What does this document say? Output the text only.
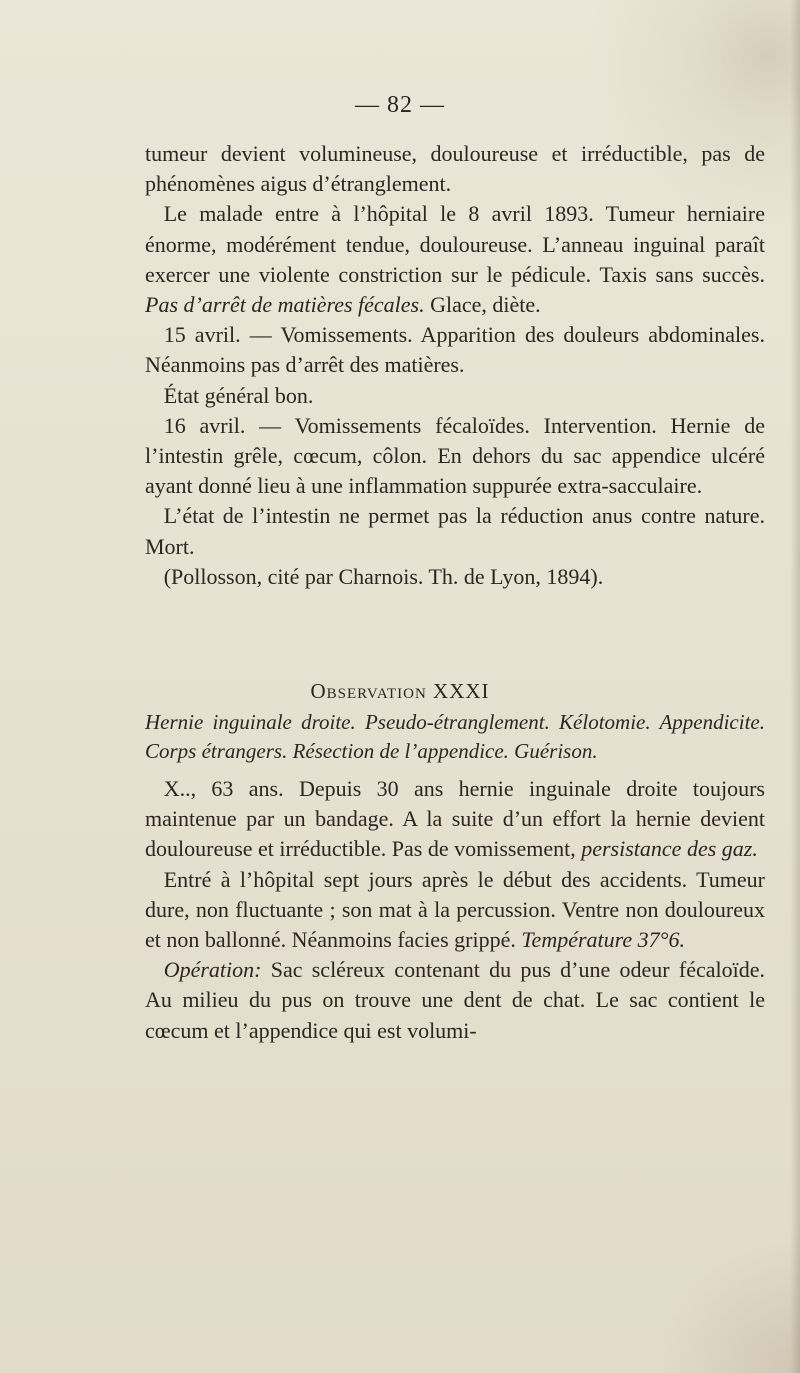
— 82 —

tumeur devient volumineuse, douloureuse et irréductible, pas de phénomènes aigus d’étranglement.

Le malade entre à l’hôpital le 8 avril 1893. Tumeur herniaire énorme, modérément tendue, douloureuse. L’anneau inguinal paraît exercer une violente constriction sur le pédicule. Taxis sans succès. Pas d’arrêt de matières fécales. Glace, diète.

15 avril. — Vomissements. Apparition des douleurs abdominales. Néanmoins pas d’arrêt des matières.

État général bon.

16 avril. — Vomissements fécaloïdes. Intervention. Hernie de l’intestin grêle, cœcum, côlon. En dehors du sac appendice ulcéré ayant donné lieu à une inflammation suppurée extra-sacculaire.

L’état de l’intestin ne permet pas la réduction anus contre nature. Mort.

(Pollosson, cité par Charnois. Th. de Lyon, 1894).

Observation XXXI
Hernie inguinale droite. Pseudo-étranglement. Kélotomie. Appendicite. Corps étrangers. Résection de l’appendice. Guérison.

X.., 63 ans. Depuis 30 ans hernie inguinale droite toujours maintenue par un bandage. A la suite d’un effort la hernie devient douloureuse et irréductible. Pas de vomissement, persistance des gaz.

Entré à l’hôpital sept jours après le début des accidents. Tumeur dure, non fluctuante ; son mat à la percussion. Ventre non douloureux et non ballonné. Néanmoins facies grippé. Température 37°6.

Opération: Sac scléreux contenant du pus d’une odeur fécaloïde. Au milieu du pus on trouve une dent de chat. Le sac contient le cœcum et l’appendice qui est volumi-
